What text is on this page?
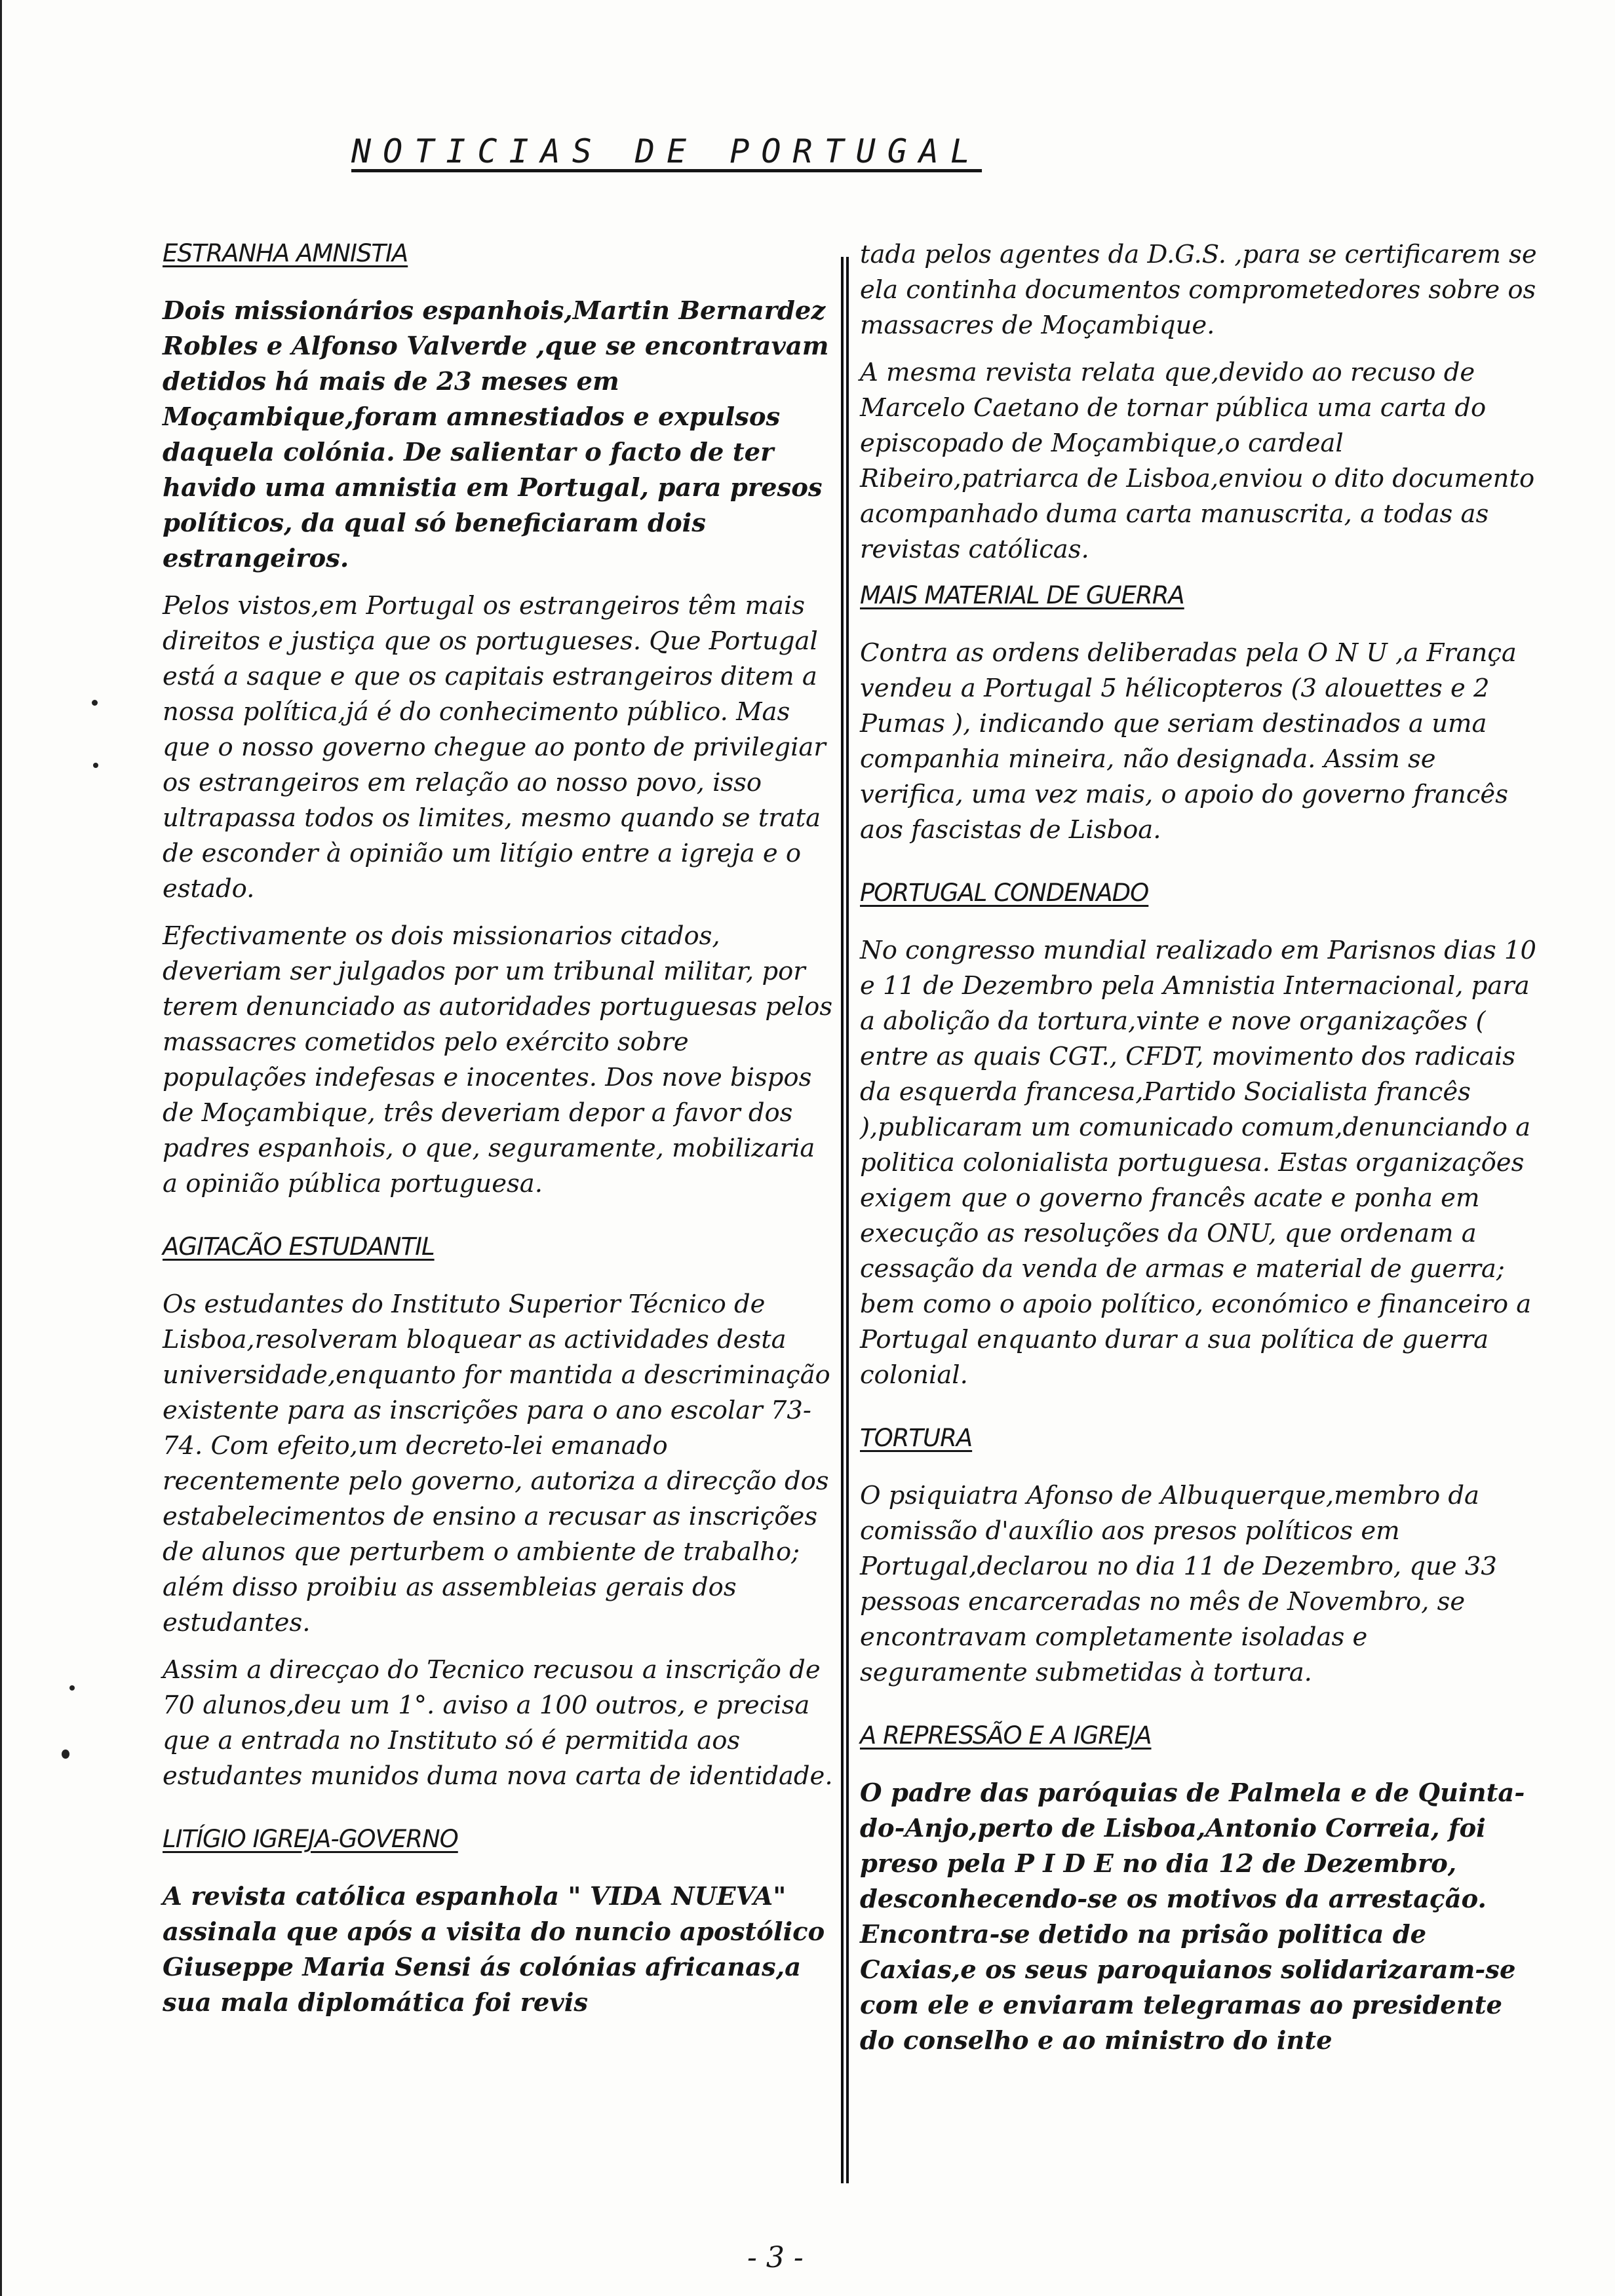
NOTICIAS DE PORTUGAL
ESTRANHA AMNISTIA

Dois missionários espanhois,Martin Bernardez Robles e Alfonso Valverde ,que se encontravam detidos há mais de 23 meses em Moçambique,foram amnestiados e expulsos daquela colónia. De salientar o facto de ter havido uma amnistia em Portugal, para presos políticos, da qual só beneficiaram dois estrangeiros.

Pelos vistos,em Portugal os estrangeiros têm mais direitos e justiça que os portugueses. Que Portugal está a saque e que os capitais estrangeiros ditem a nossa política,já é do conhecimento público. Mas que o nosso governo chegue ao ponto de privilegiar os estrangeiros em relação ao nosso povo, isso ultrapassa todos os limites, mesmo quando se trata de esconder à opinião um litígio entre a igreja e o estado.

Efectivamente os dois missionarios citados, deveriam ser julgados por um tribunal militar, por terem denunciado as autoridades portuguesas pelos massacres cometidos pelo exército sobre populações indefesas e inocentes. Dos nove bispos de Moçambique, três deveriam depor a favor dos padres espanhois, o que, seguramente, mobilizaria a opinião pública portuguesa.

AGITACÃO ESTUDANTIL

Os estudantes do Instituto Superior Técnico de Lisboa,resolveram bloquear as actividades desta universidade,enquanto for mantida a descriminação existente para as inscrições para o ano escolar 73-74. Com efeito,um decreto-lei emanado recentemente pelo governo, autoriza a direcção dos estabelecimentos de ensino a recusar as inscrições de alunos que perturbem o ambiente de trabalho; além disso proibiu as assembleias gerais dos estudantes.

Assim a direcçao do Tecnico recusou a inscrição de 70 alunos,deu um 1°. aviso a 100 outros, e precisa que a entrada no Instituto só é permitida aos estudantes munidos duma nova carta de identidade.

LITÍGIO IGREJA-GOVERNO

A revista católica espanhola " VIDA NUEVA" assinala que após a visita do nuncio apostólico Giuseppe Maria Sensi ás colónias africanas,a sua mala diplomática foi revis

tada pelos agentes da D.G.S. ,para se certificarem se ela continha documentos comprometedores sobre os massacres de Moçambique.

A mesma revista relata que,devido ao recuso de Marcelo Caetano de tornar pública uma carta do episcopado de Moçambique,o cardeal Ribeiro,patriarca de Lisboa,enviou o dito documento acompanhado duma carta manuscrita, a todas as revistas católicas.

MAIS MATERIAL DE GUERRA

Contra as ordens deliberadas pela O N U ,a França vendeu a Portugal 5 hélicopteros (3 alouettes e 2 Pumas ), indicando que seriam destinados a uma companhia mineira, não designada. Assim se verifica, uma vez mais, o apoio do governo francês aos fascistas de Lisboa.

PORTUGAL CONDENADO

No congresso mundial realizado em Parisnos dias 10 e 11 de Dezembro pela Amnistia Internacional, para a abolição da tortura,vinte e nove organizações ( entre as quais CGT., CFDT, movimento dos radicais da esquerda francesa,Partido Socialista francês ),publicaram um comunicado comum,denunciando a politica colonialista portuguesa. Estas organizações exigem que o governo francês acate e ponha em execução as resoluções da ONU, que ordenam a cessação da venda de armas e material de guerra; bem como o apoio político, económico e financeiro a Portugal enquanto durar a sua política de guerra colonial.

TORTURA

O psiquiatra Afonso de Albuquerque,membro da comissão d'auxílio aos presos políticos em Portugal,declarou no dia 11 de Dezembro, que 33 pessoas encarceradas no mês de Novembro, se encontravam completamente isoladas e seguramente submetidas à tortura.

A REPRESSÃO E A IGREJA

O padre das paróquias de Palmela e de Quinta-do-Anjo,perto de Lisboa,Antonio Correia, foi preso pela P I D E no dia 12 de Dezembro, desconhecendo-se os motivos da arrestação. Encontra-se detido na prisão politica de Caxias,e os seus paroquianos solidarizaram-se com ele e enviaram telegramas ao presidente do conselho e ao ministro do inte

- 3 -
